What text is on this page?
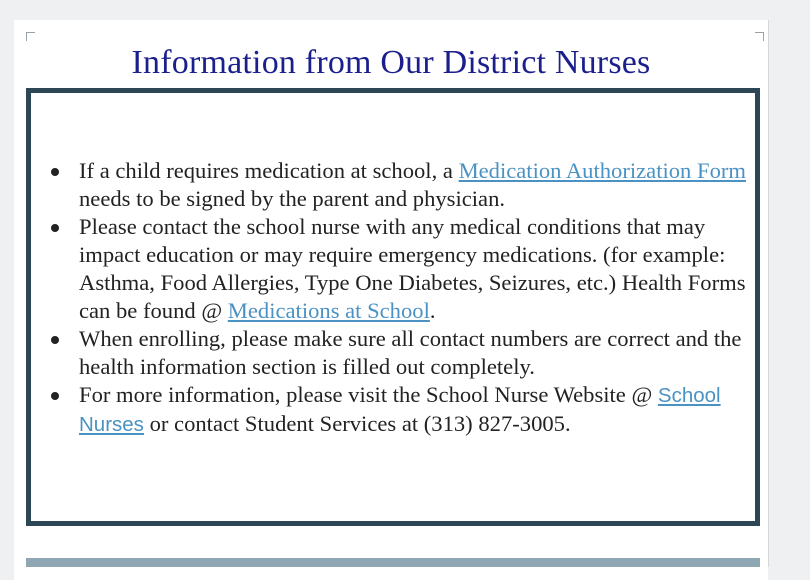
Information from Our District Nurses
If a child requires medication at school, a Medication Authorization Form needs to be signed by the parent and physician.
Please contact the school nurse with any medical conditions that may impact education or may require emergency medications. (for example: Asthma, Food Allergies, Type One Diabetes, Seizures, etc.) Health Forms can be found @ Medications at School.
When enrolling, please make sure all contact numbers are correct and the health information section is filled out completely.
For more information, please visit the School Nurse Website @ School Nurses or contact Student Services at (313) 827-3005.
